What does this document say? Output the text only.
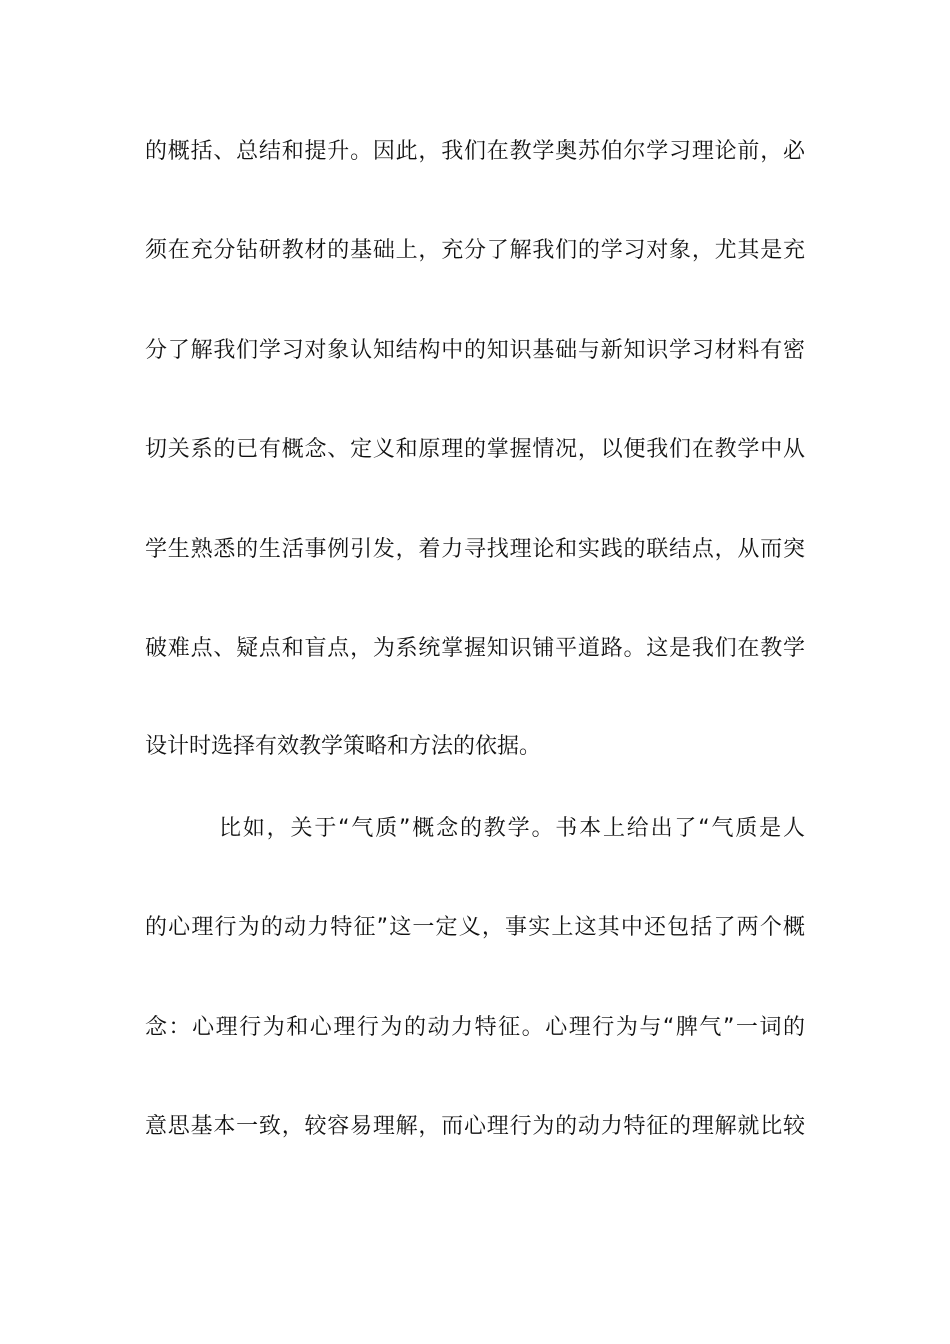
的概括、总结和提升。因此，我们在教学奥苏伯尔学习理论前，必
须在充分钻研教材的基础上，充分了解我们的学习对象，尤其是充
分了解我们学习对象认知结构中的知识基础与新知识学习材料有密
切关系的已有概念、定义和原理的掌握情况，以便我们在教学中从
学生熟悉的生活事例引发，着力寻找理论和实践的联结点，从而突
破难点、疑点和盲点，为系统掌握知识铺平道路。这是我们在教学
设计时选择有效教学策略和方法的依据。
比如，关于“气质”概念的教学。书本上给出了“气质是人
的心理行为的动力特征”这一定义，事实上这其中还包括了两个概
念：心理行为和心理行为的动力特征。心理行为与“脾气”一词的
意思基本一致，较容易理解，而心理行为的动力特征的理解就比较
